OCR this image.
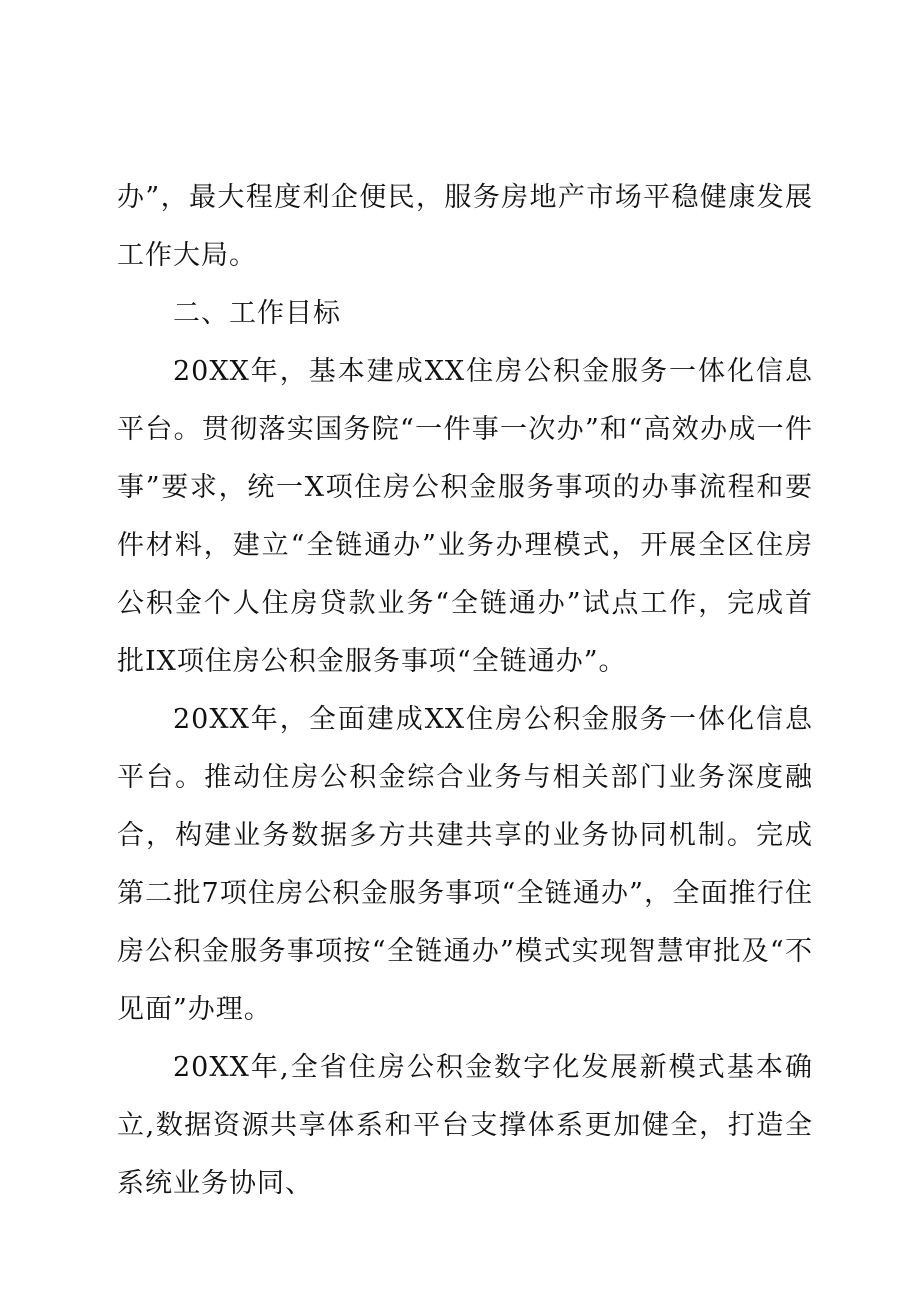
办”，最大程度利企便民，服务房地产市场平稳健康发展工作大局。

二、工作目标

20XX年，基本建成XX住房公积金服务一体化信息平台。贯彻落实国务院“一件事一次办”和“高效办成一件事”要求，统一X项住房公积金服务事项的办事流程和要件材料，建立“全链通办”业务办理模式，开展全区住房公积金个人住房贷款业务“全链通办”试点工作，完成首批IX项住房公积金服务事项“全链通办”。

20XX年，全面建成XX住房公积金服务一体化信息平台。推动住房公积金综合业务与相关部门业务深度融合，构建业务数据多方共建共享的业务协同机制。完成第二批7项住房公积金服务事项“全链通办”，全面推行住房公积金服务事项按“全链通办”模式实现智慧审批及“不见面”办理。

20XX年,全省住房公积金数字化发展新模式基本确立,数据资源共享体系和平台支撑体系更加健全，打造全系统业务协同、
